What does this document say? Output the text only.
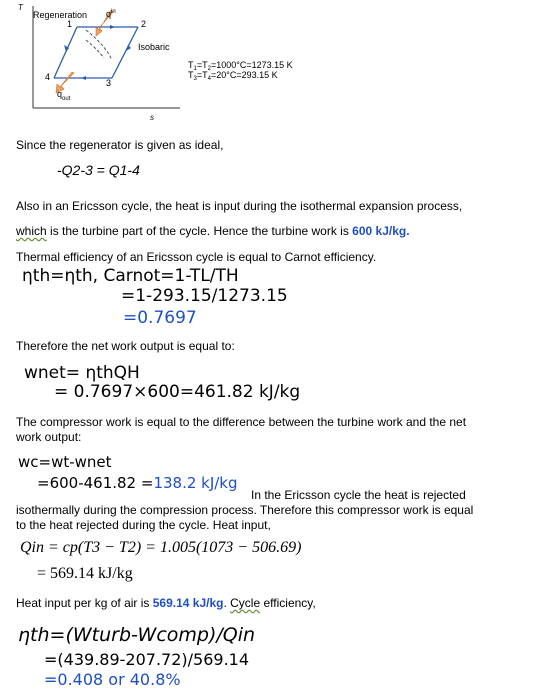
T
s
Regeneration $q^{in}$
1	2
3
4
Isobaric
$q_{out}$
$T_1=T_2=1000^\circ C=1273.15$ K
$T_3=T_4=20^\circ C=293.15$ K
Since the regenerator is given as ideal,
-Q2-3 = Q1-4
Also in an Ericsson cycle, the heat is input during the isothermal expansion process,
which is the turbine part of the cycle. Hence the turbine work is 600 kJ/kg.
Thermal efficiency of an Ericsson cycle is equal to Carnot efficiency.
ηth=ηth, Carnot=1-TL/TH
=1-293.15/1273.15
=0.7697
Therefore the net work output is equal to:
wnet= ηthQH
= 0.7697×600=461.82 kJ/kg
The compressor work is equal to the difference between the turbine work and the net
work output:
wc=wt-wnet
=600-461.82 =138.2 kJ/kg
In the Ericsson cycle the heat is rejected
isothermally during the compression process. Therefore this compressor work is equal
to the heat rejected during the cycle. Heat input,
Qin = cp(T3 − T2) = 1.005(1073 − 506.69)
= 569.14 kJ/kg
Heat input per kg of air is 569.14 kJ/kg. Cycle efficiency,
ηth=(Wturb-Wcomp)/Qin
=(439.89-207.72)/569.14
=0.408 or 40.8%
